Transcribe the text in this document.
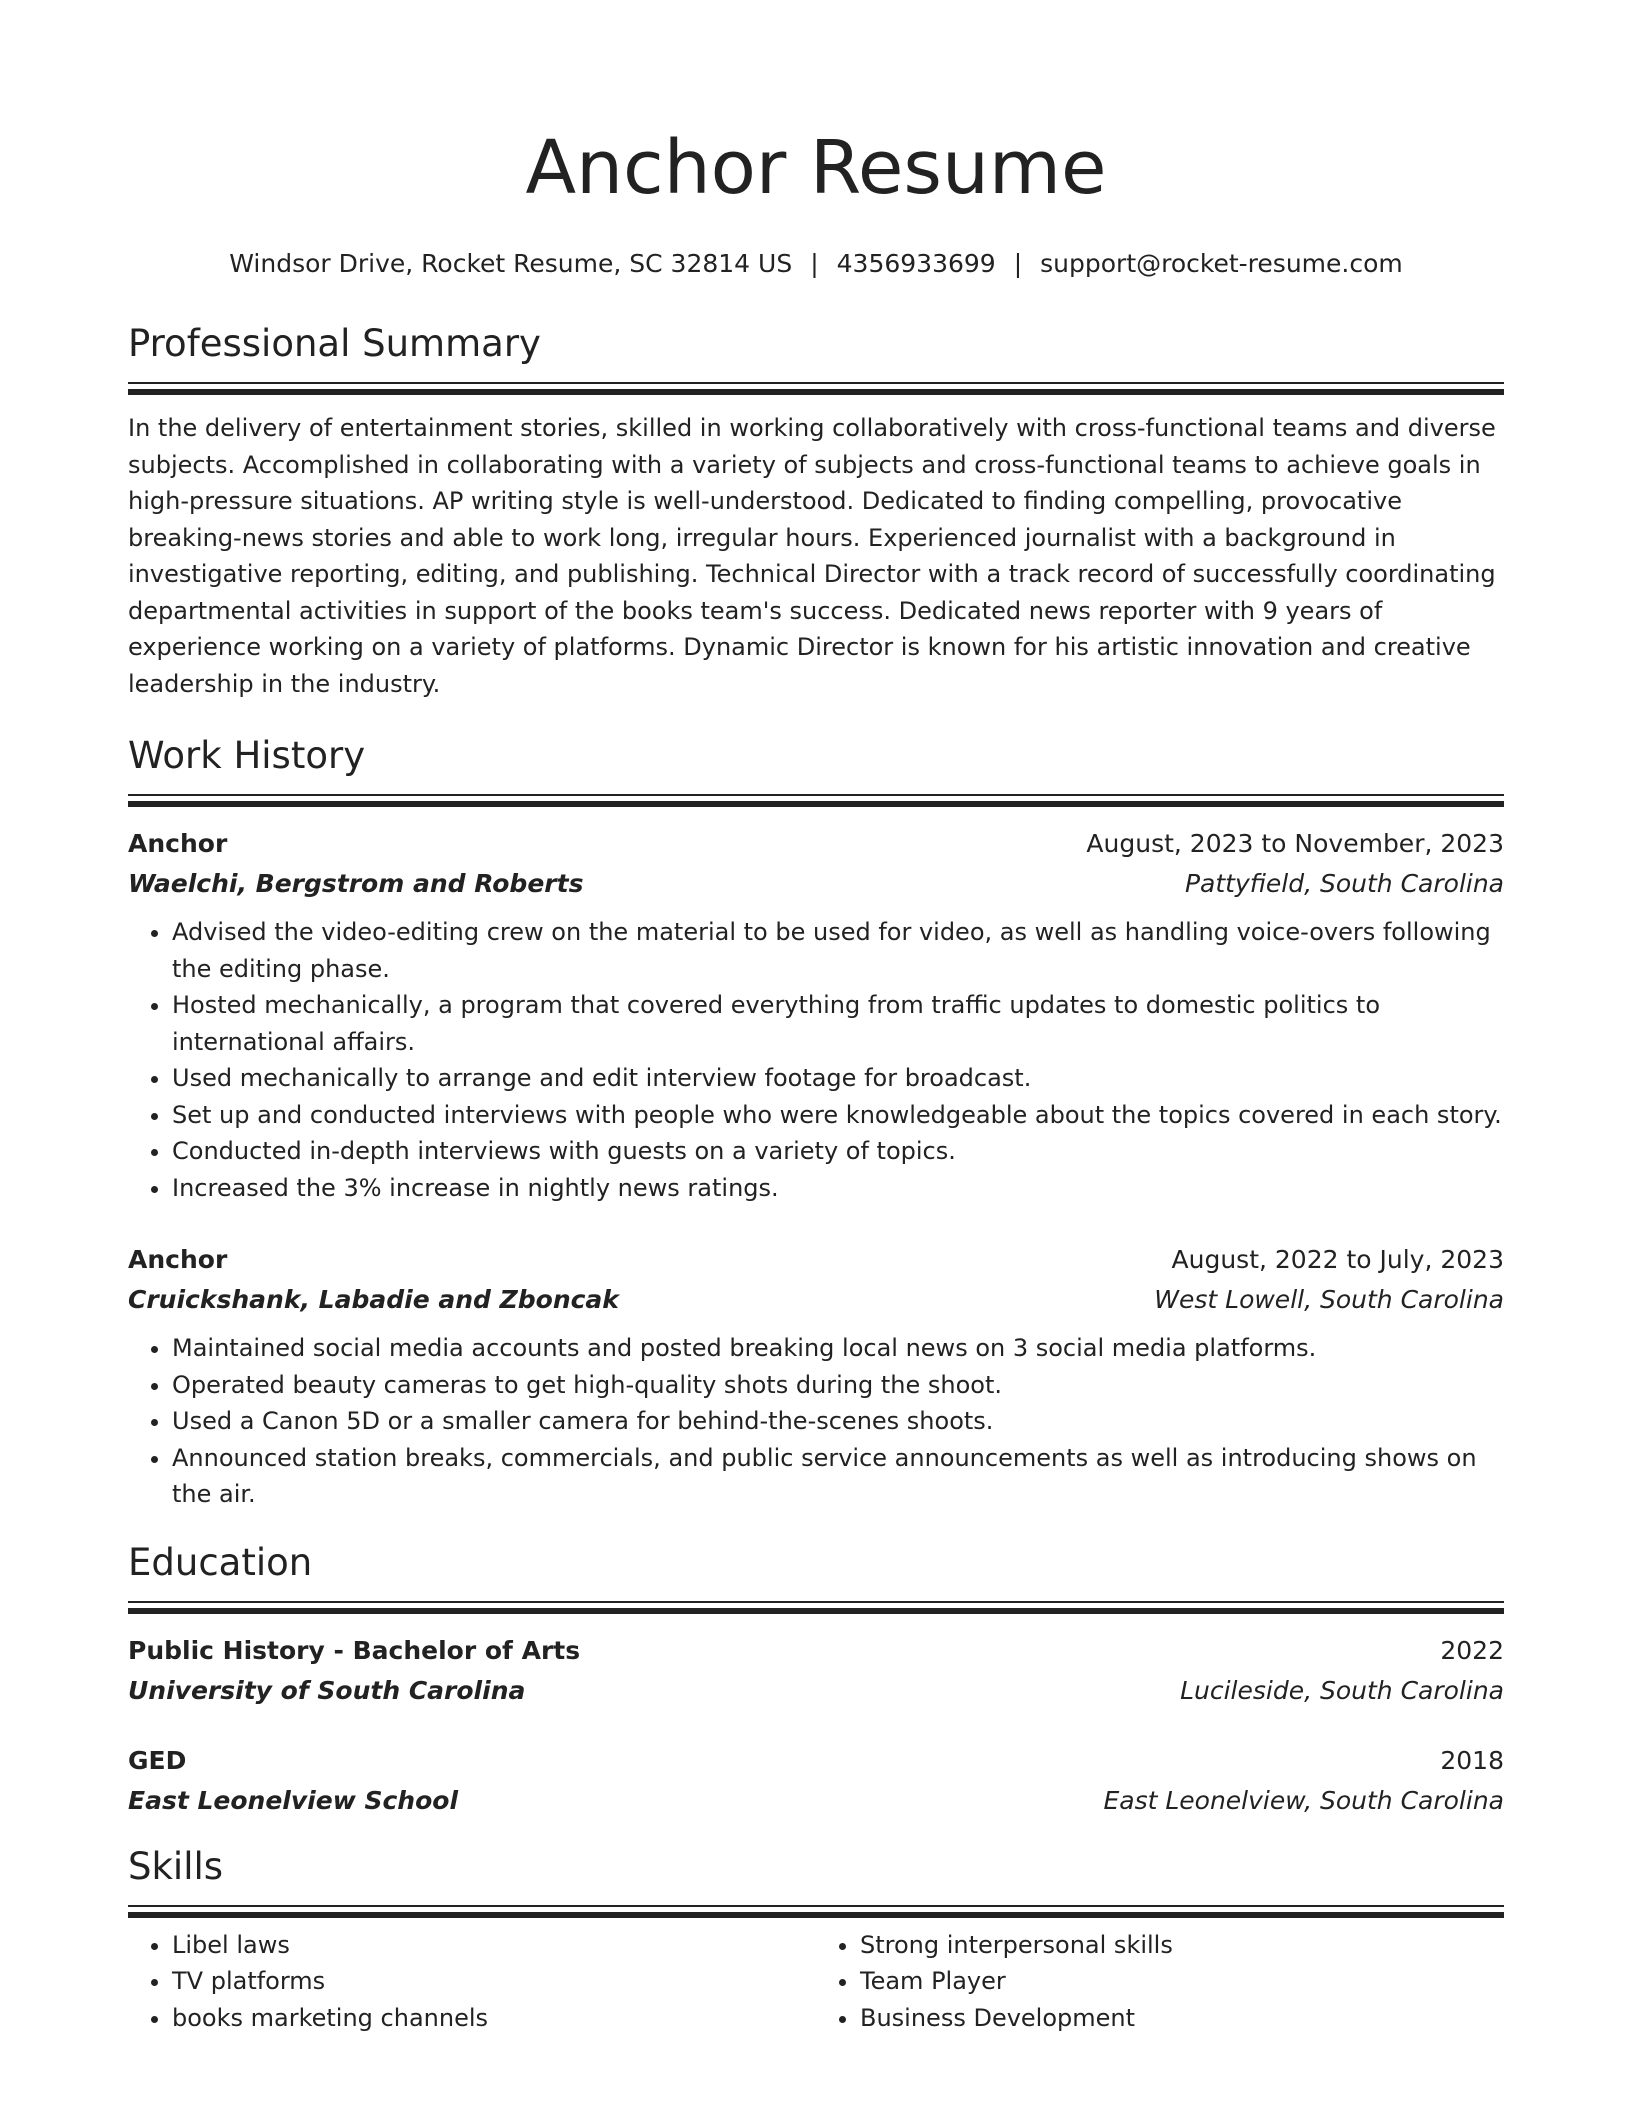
Anchor Resume
Windsor Drive, Rocket Resume, SC 32814 US | 4356933699 | support@rocket-resume.com
Professional Summary
In the delivery of entertainment stories, skilled in working collaboratively with cross-functional teams and diverse subjects. Accomplished in collaborating with a variety of subjects and cross-functional teams to achieve goals in high-pressure situations. AP writing style is well-understood. Dedicated to finding compelling, provocative breaking-news stories and able to work long, irregular hours. Experienced journalist with a background in investigative reporting, editing, and publishing. Technical Director with a track record of successfully coordinating departmental activities in support of the books team's success. Dedicated news reporter with 9 years of experience working on a variety of platforms. Dynamic Director is known for his artistic innovation and creative leadership in the industry.
Work History
Anchor	August, 2023 to November, 2023
Waelchi, Bergstrom and Roberts	Pattyfield, South Carolina
• Advised the video-editing crew on the material to be used for video, as well as handling voice-overs following the editing phase.
• Hosted mechanically, a program that covered everything from traffic updates to domestic politics to international affairs.
• Used mechanically to arrange and edit interview footage for broadcast.
• Set up and conducted interviews with people who were knowledgeable about the topics covered in each story.
• Conducted in-depth interviews with guests on a variety of topics.
• Increased the 3% increase in nightly news ratings.
Anchor	August, 2022 to July, 2023
Cruickshank, Labadie and Zboncak	West Lowell, South Carolina
• Maintained social media accounts and posted breaking local news on 3 social media platforms.
• Operated beauty cameras to get high-quality shots during the shoot.
• Used a Canon 5D or a smaller camera for behind-the-scenes shoots.
• Announced station breaks, commercials, and public service announcements as well as introducing shows on the air.
Education
Public History - Bachelor of Arts	2022
University of South Carolina	Lucileside, South Carolina
GED	2018
East Leonelview School	East Leonelview, South Carolina
Skills
• Libel laws
• TV platforms
• books marketing channels
• Strong interpersonal skills
• Team Player
• Business Development
